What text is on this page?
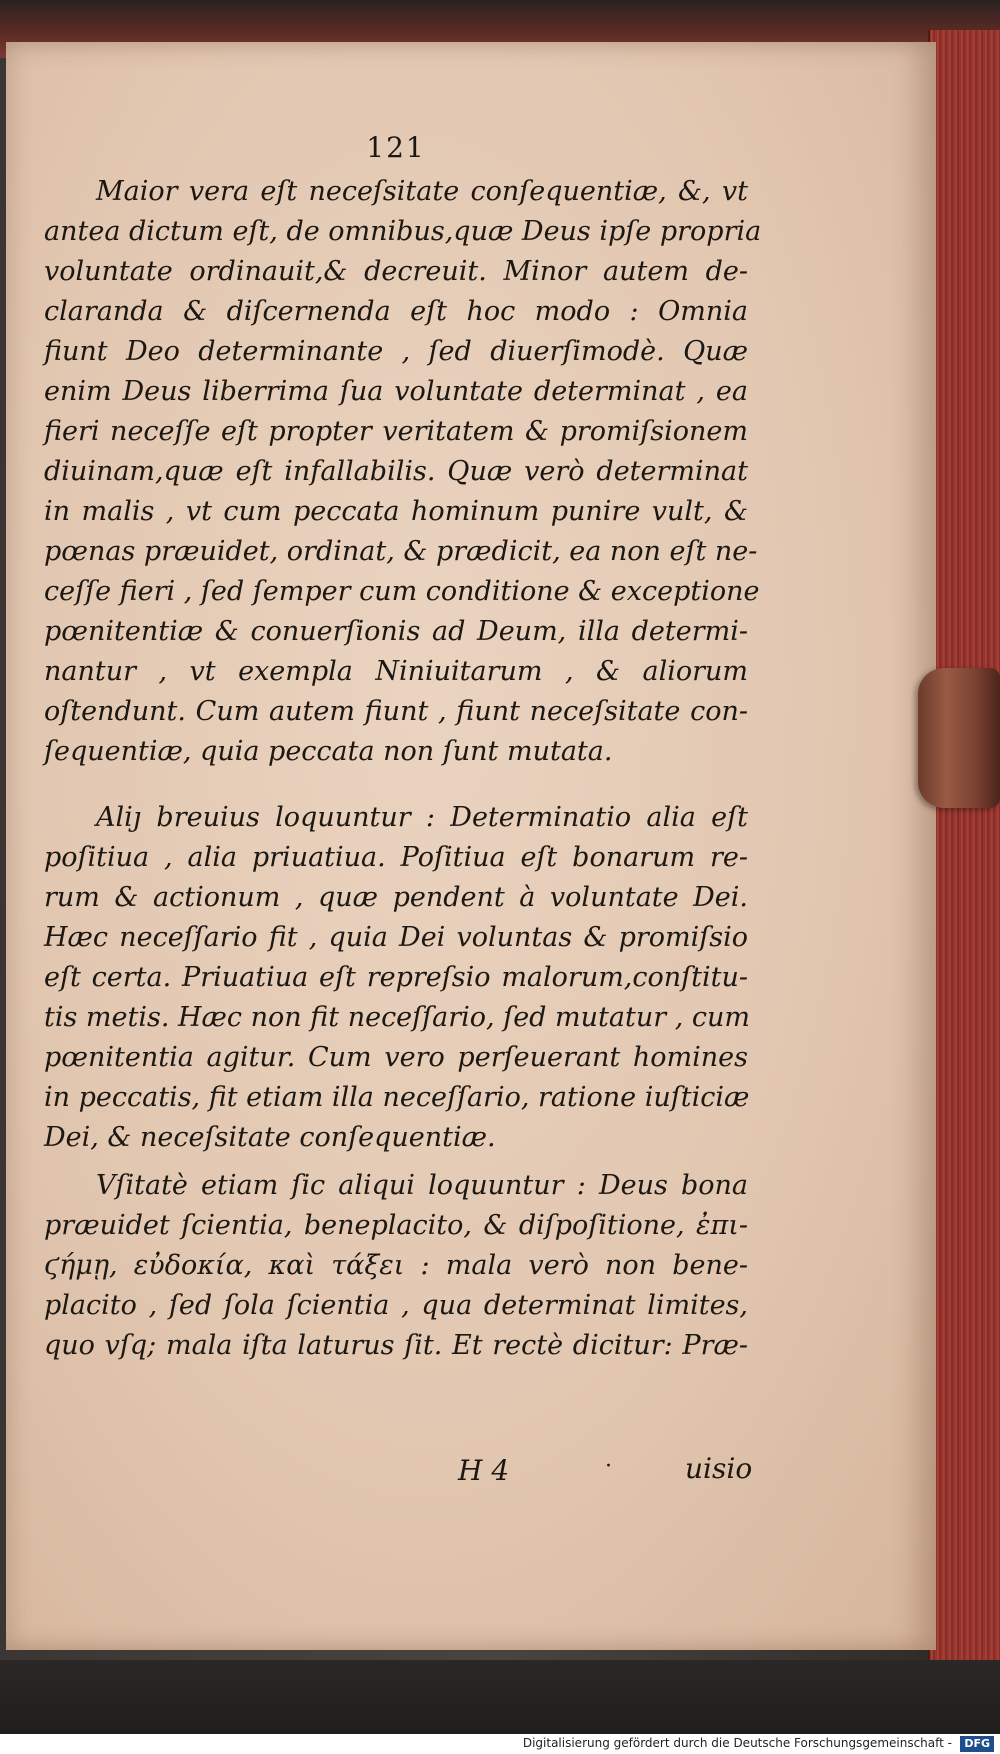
121
Maior vera eſt neceſsitate conſequentiæ, &, vt
antea dictum eſt, de omnibus,quæ Deus ipſe propria
voluntate ordinauit,& decreuit. Minor autem de-
claranda & diſcernenda eſt hoc modo : Omnia
fiunt Deo determinante , ſed diuerſimodè. Quæ
enim Deus liberrima ſua voluntate determinat , ea
fieri neceſſe eſt propter veritatem & promiſsionem
diuinam,quæ eſt infallabilis. Quæ verò determinat
in malis , vt cum peccata hominum punire vult, &
pœnas præuidet, ordinat, & prædicit, ea non eſt ne-
ceſſe fieri , ſed ſemper cum conditione & exceptione
pœnitentiæ & conuerſionis ad Deum, illa determi-
nantur , vt exempla Niniuitarum , & aliorum
oſtendunt. Cum autem fiunt , fiunt neceſsitate con-
ſequentiæ, quia peccata non ſunt mutata.
Aliȷ breuius loquuntur : Determinatio alia eſt
poſitiua , alia priuatiua. Poſitiua eſt bonarum re-
rum & actionum , quæ pendent à voluntate Dei.
Hæc neceſſario fit , quia Dei voluntas & promiſsio
eſt certa. Priuatiua eſt repreſsio malorum,conſtitu-
tis metis. Hæc non fit neceſſario, ſed mutatur , cum
pœnitentia agitur. Cum vero perſeuerant homines
in peccatis, fit etiam illa neceſſario, ratione iuſticiæ
Dei, & neceſsitate conſequentiæ.
Vſitatè etiam ſic aliqui loquuntur : Deus bona
præuidet ſcientia, beneplacito, & diſpoſitione, ἐπι-
ϛήμῃ, εὐδοκία, καὶ τάξει : mala verò non bene-
placito , ſed ſola ſcientia , qua determinat limites,
quo vſq; mala iſta laturus ſit. Et rectè dicitur: Præ-
H 4	·	uisio
Digitalisierung gefördert durch die Deutsche Forschungsgemeinschaft -	DFG
